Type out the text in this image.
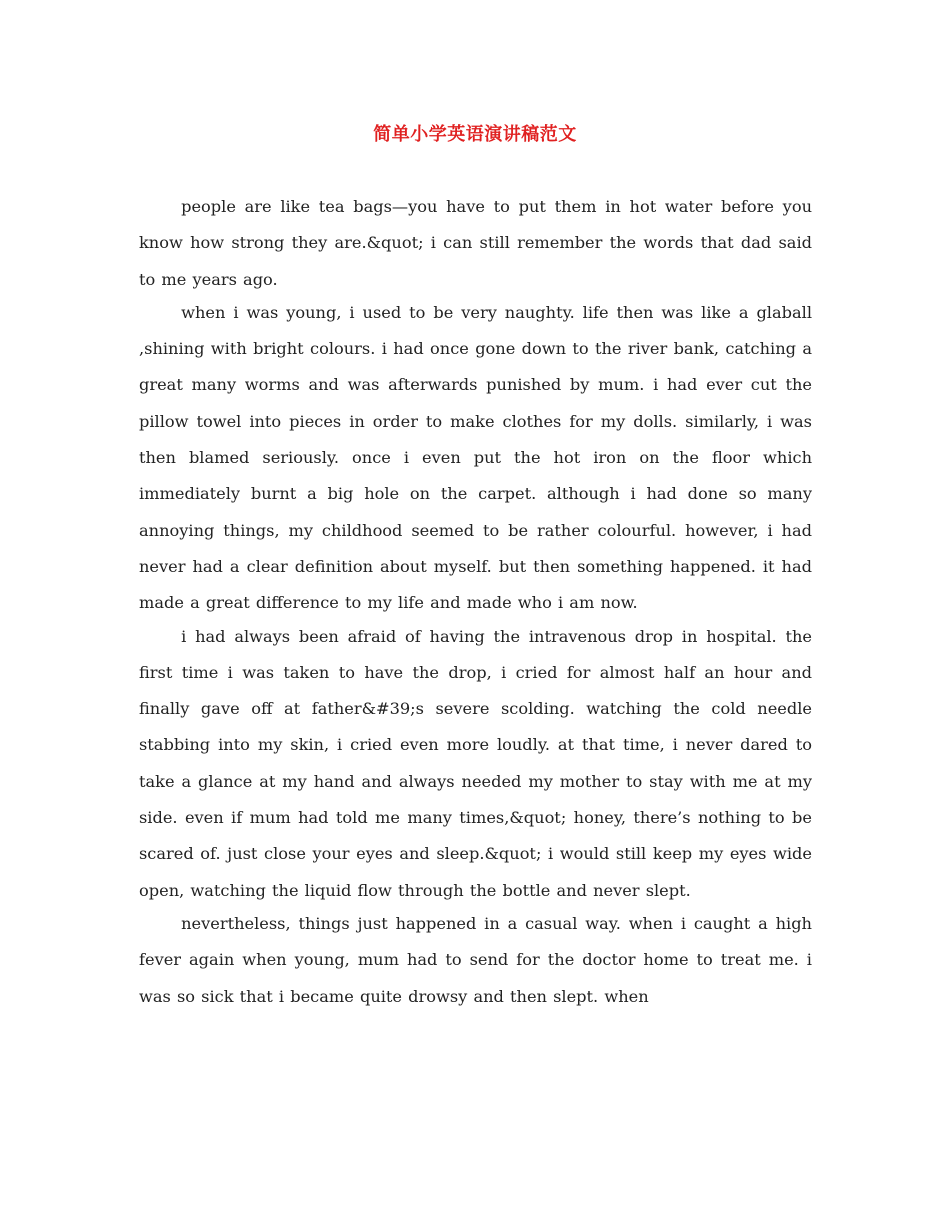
简单小学英语演讲稿范文

people are like tea bags—you have to put them in hot water before you know how strong they are.&quot; i can still remember the words that dad said to me years ago.

when i was young, i used to be very naughty. life then was like a glaball ,shining with bright colours. i had once gone down to the river bank, catching a great many worms and was afterwards punished by mum. i had ever cut the pillow towel into pieces in order to make clothes for my dolls. similarly, i was then blamed seriously. once i even put the hot iron on the floor which immediately burnt a big hole on the carpet. although i had done so many annoying things, my childhood seemed to be rather colourful. however, i had never had a clear definition about myself. but then something happened. it had made a great difference to my life and made who i am now.

i had always been afraid of having the intravenous drop in hospital. the first time i was taken to have the drop, i cried for almost half an hour and finally gave off at father&#39;s severe scolding. watching the cold needle stabbing into my skin, i cried even more loudly. at that time, i never dared to take a glance at my hand and always needed my mother to stay with me at my side. even if mum had told me many times,&quot; honey, there’s nothing to be scared of. just close your eyes and sleep.&quot; i would still keep my eyes wide open, watching the liquid flow through the bottle and never slept.

nevertheless, things just happened in a casual way. when i caught a high fever again when young, mum had to send for the doctor home to treat me. i was so sick that i became quite drowsy and then slept. when
